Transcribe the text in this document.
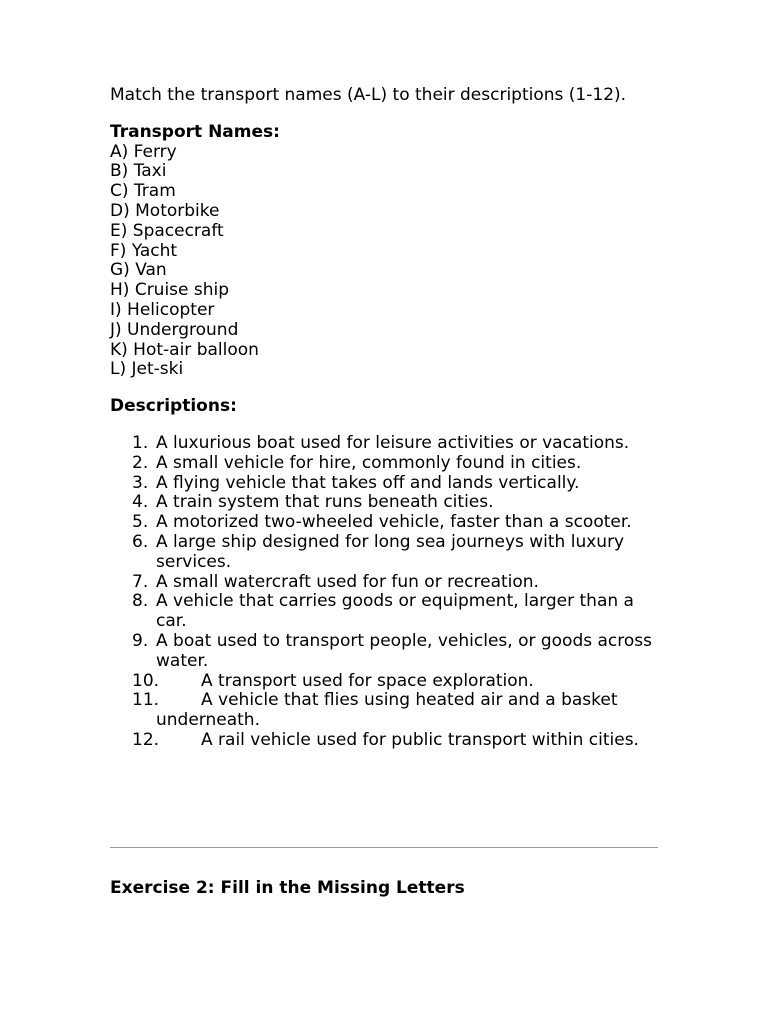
Match the transport names (A-L) to their descriptions (1-12).

Transport Names:

A) Ferry
B) Taxi
C) Tram
D) Motorbike
E) Spacecraft
F) Yacht
G) Van
H) Cruise ship
I) Helicopter
J) Underground
K) Hot-air balloon
L) Jet-ski

Descriptions:

1. A luxurious boat used for leisure activities or vacations.
2. A small vehicle for hire, commonly found in cities.
3. A flying vehicle that takes off and lands vertically.
4. A train system that runs beneath cities.
5. A motorized two-wheeled vehicle, faster than a scooter.
6. A large ship designed for long sea journeys with luxury services.
7. A small watercraft used for fun or recreation.
8. A vehicle that carries goods or equipment, larger than a car.
9. A boat used to transport people, vehicles, or goods across water.
10. A transport used for space exploration.
11. A vehicle that flies using heated air and a basket underneath.
12. A rail vehicle used for public transport within cities.

Exercise 2: Fill in the Missing Letters
